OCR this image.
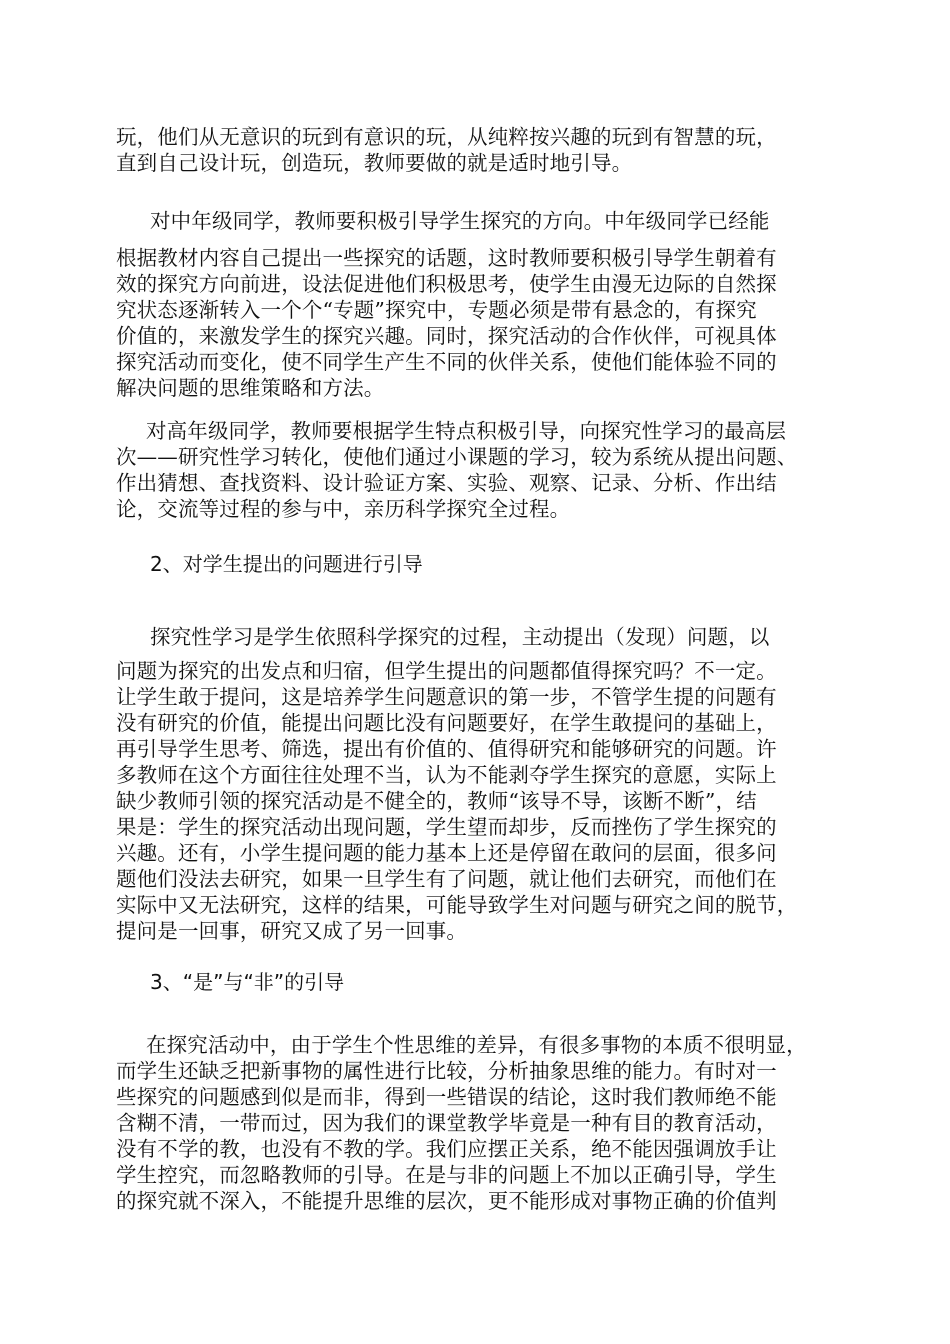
玩，他们从无意识的玩到有意识的玩，从纯粹按兴趣的玩到有智慧的玩，
直到自己设计玩，创造玩，教师要做的就是适时地引导。
对中年级同学，教师要积极引导学生探究的方向。中年级同学已经能
根据教材内容自己提出一些探究的话题，这时教师要积极引导学生朝着有
效的探究方向前进，设法促进他们积极思考，使学生由漫无边际的自然探
究状态逐渐转入一个个“专题”探究中，专题必须是带有悬念的，有探究
价值的，来激发学生的探究兴趣。同时，探究活动的合作伙伴，可视具体
探究活动而变化，使不同学生产生不同的伙伴关系，使他们能体验不同的
解决问题的思维策略和方法。
对高年级同学，教师要根据学生特点积极引导，向探究性学习的最高层
次——研究性学习转化，使他们通过小课题的学习，较为系统从提出问题、
作出猜想、查找资料、设计验证方案、实验、观察、记录、分析、作出结
论，交流等过程的参与中，亲历科学探究全过程。
2、对学生提出的问题进行引导
探究性学习是学生依照科学探究的过程，主动提出（发现）问题，以
问题为探究的出发点和归宿，但学生提出的问题都值得探究吗？不一定。
让学生敢于提问，这是培养学生问题意识的第一步，不管学生提的问题有
没有研究的价值，能提出问题比没有问题要好，在学生敢提问的基础上，
再引导学生思考、筛选，提出有价值的、值得研究和能够研究的问题。许
多教师在这个方面往往处理不当，认为不能剥夺学生探究的意愿，实际上
缺少教师引领的探究活动是不健全的，教师“该导不导，该断不断”，结
果是：学生的探究活动出现问题，学生望而却步，反而挫伤了学生探究的
兴趣。还有，小学生提问题的能力基本上还是停留在敢问的层面，很多问
题他们没法去研究，如果一旦学生有了问题，就让他们去研究，而他们在
实际中又无法研究，这样的结果，可能导致学生对问题与研究之间的脱节，
提问是一回事，研究又成了另一回事。
3、“是”与“非”的引导
在探究活动中，由于学生个性思维的差异，有很多事物的本质不很明显，
而学生还缺乏把新事物的属性进行比较，分析抽象思维的能力。有时对一
些探究的问题感到似是而非，得到一些错误的结论，这时我们教师绝不能
含糊不清，一带而过，因为我们的课堂教学毕竟是一种有目的教育活动，
没有不学的教，也没有不教的学。我们应摆正关系，绝不能因强调放手让
学生控究，而忽略教师的引导。在是与非的问题上不加以正确引导，学生
的探究就不深入，不能提升思维的层次，更不能形成对事物正确的价值判
